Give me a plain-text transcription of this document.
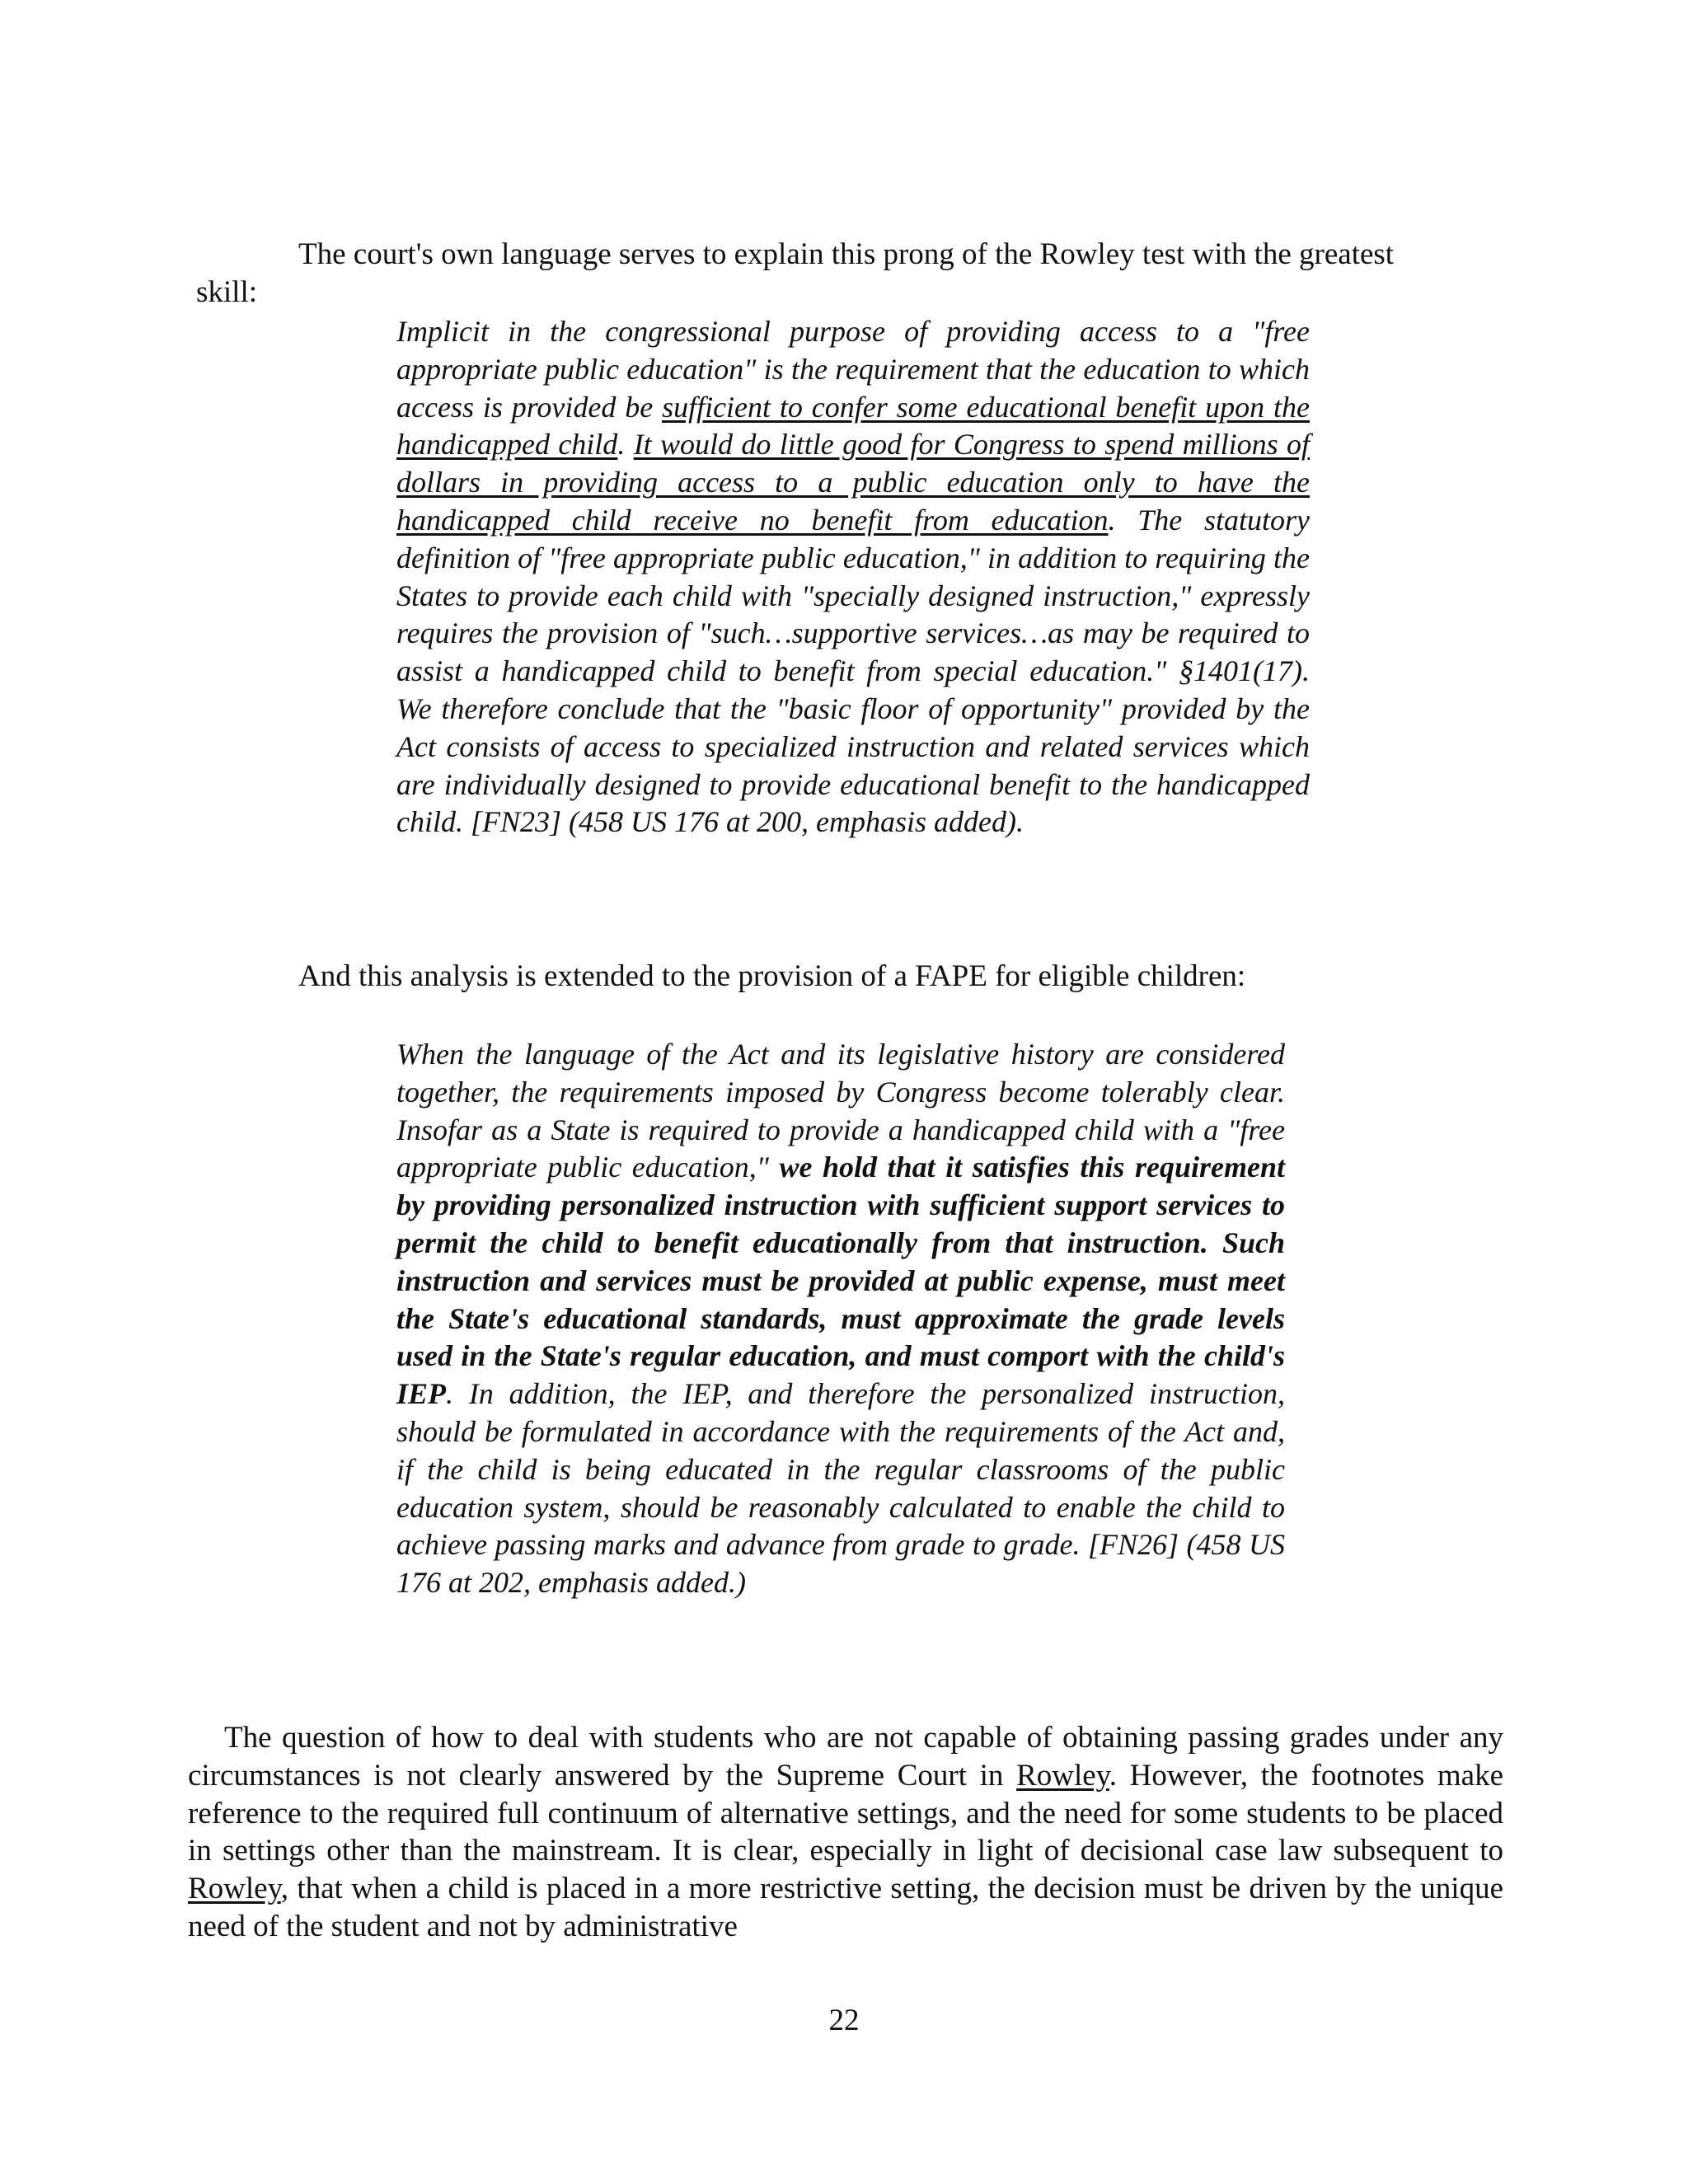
The court's own language serves to explain this prong of the Rowley test with the greatest
skill:
Implicit in the congressional purpose of providing access to a "free appropriate public education" is the requirement that the education to which access is provided be sufficient to confer some educational benefit upon the handicapped child. It would do little good for Congress to spend millions of dollars in providing access to a public education only to have the handicapped child receive no benefit from education. The statutory definition of "free appropriate public education," in addition to requiring the States to provide each child with "specially designed instruction," expressly requires the provision of "such…supportive services…as may be required to assist a handicapped child to benefit from special education." §1401(17). We therefore conclude that the "basic floor of opportunity" provided by the Act consists of access to specialized instruction and related services which are individually designed to provide educational benefit to the handicapped child. [FN23] (458 US 176 at 200, emphasis added).
And this analysis is extended to the provision of a FAPE for eligible children:
When the language of the Act and its legislative history are considered together, the requirements imposed by Congress become tolerably clear. Insofar as a State is required to provide a handicapped child with a "free appropriate public education," we hold that it satisfies this requirement by providing personalized instruction with sufficient support services to permit the child to benefit educationally from that instruction. Such instruction and services must be provided at public expense, must meet the State's educational standards, must approximate the grade levels used in the State's regular education, and must comport with the child's IEP. In addition, the IEP, and therefore the personalized instruction, should be formulated in accordance with the requirements of the Act and, if the child is being educated in the regular classrooms of the public education system, should be reasonably calculated to enable the child to achieve passing marks and advance from grade to grade. [FN26] (458 US 176 at 202, emphasis added.)
The question of how to deal with students who are not capable of obtaining passing grades under any circumstances is not clearly answered by the Supreme Court in Rowley. However, the footnotes make reference to the required full continuum of alternative settings, and the need for some students to be placed in settings other than the mainstream. It is clear, especially in light of decisional case law subsequent to Rowley, that when a child is placed in a more restrictive setting, the decision must be driven by the unique need of the student and not by administrative
22
